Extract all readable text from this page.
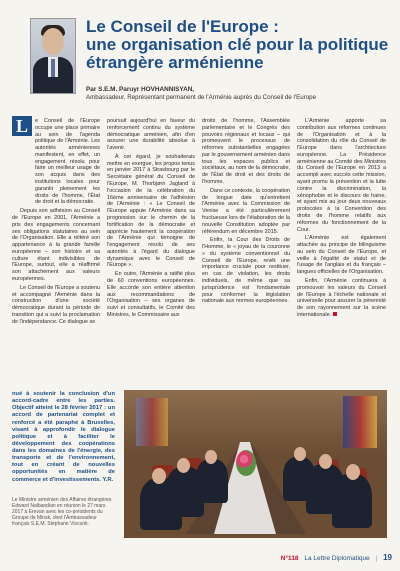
Le Conseil de l'Europe :
une organisation clé pour la politique
étrangère arménienne
Par S.E.M. Paruyr HOVHANNISYAN,
Ambassadeur, Représentant permanent de l'Arménie auprès du Conseil de l'Europe
L	e Conseil de l'Europe occupe une place primaire au sein de l'agenda politique de l'Arménie. Les autorités arméniennes manifestent, en effet, un engagement résolu pour faire un meilleur usage de son acquis dans des institutions locales pour garantir pleinement les droits de l'homme, l'État de droit et la démocratie.

Depuis son adhésion au Conseil de l'Europe en 2001, l'Arménie a pris des engagements concernant ses obligations statutaires au sein de l'Organisation. Elle a réitéré son appartenance à la grande famille européenne – son histoire et sa culture étant indivisibles de l'Europe, surtout, elle a réaffirmé son attachement aux valeurs européennes.

Le Conseil de l'Europe a soutenu et accompagné l'Arménie dans la construction d'une société démocratique durant la période de transition qui a suivi la proclamation de l'indépendance. Ce dialogue se

poursuit aujourd'hui en faveur du renforcement continu du système démocratique arménien, afin d'en assurer une durabilité absolue à l'avenir.

À cet égard, je souhaiterais mettre en exergue, les propos tenus en janvier 2017 à Strasbourg par le Secrétaire général du Conseil de l'Europe, M. Thorbjørn Jagland à l'occasion de la célébration du 16ème anniversaire de l'adhésion de l'Arménie : « Le Conseil de l'Europe appuie l'Arménie dans sa progression sur le chemin de la fortification de la démocratie et apprécie hautement la coopération de l'Arménie qui témoigne de l'engagement résolu de ses autorités à l'égard du dialogue dynamique avec le Conseil de l'Europe ».

En outre, l'Arménie a ratifié plus de 60 conventions européennes. Elle accorde son entière attention aux recommandations de l'Organisation – ses organes de suivi et consultatifs, le Comité des Ministres, le Commissaire aux

droits de l'homme, l'Assemblée parlementaire et le Congrès des pouvoirs régionaux et locaux – qui promeuvent le processus de réformes substantielles engagées par le gouvernement arménien dans tous les espaces publics et sociétaux, au nom de la démocratie, de l'État de droit et des droits de l'homme.

Dans ce contexte, la coopération de longue date qu'entretient l'Arménie avec la Commission de Venise a été particulièrement fructueuse lors de l'élaboration de la nouvelle Constitution adoptée par référendum en décembre 2015.

Enfin, la Cour des Droits de l'Homme, le « joyau de la couronne » du système conventionnel du Conseil de l'Europe, revêt une importance cruciale pour restituer, en cas de violation, les droits individuels, de même que sa jurisprudence est fondamentale pour conformer la législation nationale aux normes européennes.

L'Arménie apporte sa contribution aux réformes continues de l'Organisation et à la consolidation du rôle du Conseil de l'Europe dans l'architecture européenne. La Présidence arménienne au Comité des Ministres du Conseil de l'Europe en 2013 a accompli avec succès cette mission, ayant promu la prévention et la lutte contre la discrimination, la xénophobie et le discours de haine, et ayant mis au jour deux nouveaux protocoles à la Convention des droits de l'homme relatifs aux réformes du fonctionnement de la Cour.

L'Arménie est également attachée au principe de bilinguisme au sein du Conseil de l'Europe, et veille à l'égalité de statut et de l'usage de l'anglais et du français – langues officielles de l'Organisation.

Enfin, l'Arménie continuera à promouvoir les valeurs du Conseil de l'Europe à l'échelle nationale et universelle pour assurer la pérennité de son rayonnement sur la scène internationale.

nué à soutenir la conclusion d'un accord-cadre entre les parties. Objectif atteint le 28 février 2017 : un accord de partenariat complet et renforcé a été paraphé à Bruxelles, visant à approfondir le dialogue politique et à faciliter le développement des coopérations dans les domaines de l'énergie, des transports et de l'environnement, tout en créant de nouvelles opportunités en matière de commerce et d'investissements. Y.R.
Le Ministre arménien des Affaires étrangères Edward Nalbandian en réunion le 27 mars 2017 à Erevan avec les co-présidents du Groupe de Minsk, dont l'Ambassadeur français S.E.M. Stéphane Visconti.
N°118 La Lettre Diplomatique | 19
